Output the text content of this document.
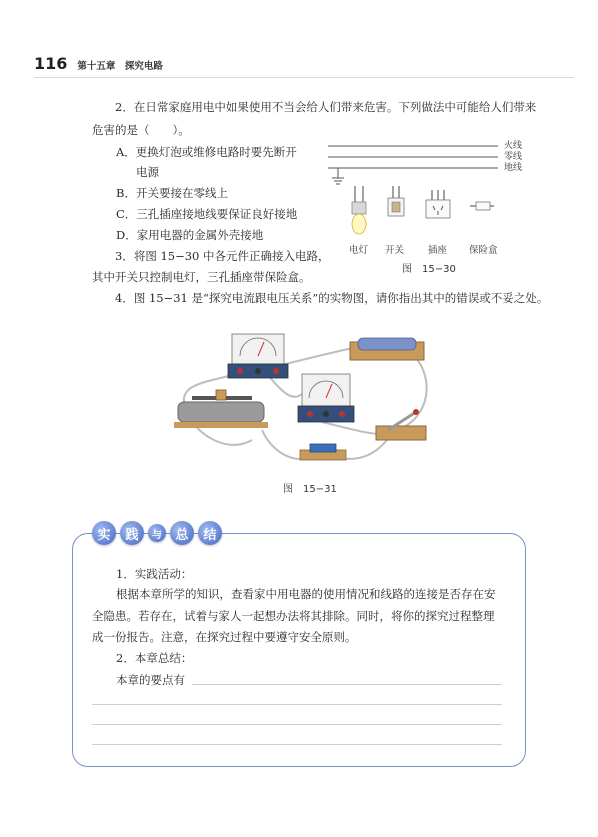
116 第十五章　探究电路
2．在日常家庭用电中如果使用不当会给人们带来危害。下列做法中可能给人们带来
危害的是（　　）。
A．更换灯泡或维修电路时要先断开
电源
B．开关要接在零线上
C．三孔插座接地线要保证良好接地
D．家用电器的金属外壳接地
3．将图 15−30 中各元件正确接入电路，
其中开关只控制电灯，三孔插座带保险盒。
4．图 15−31 是“探究电流跟电压关系”的实物图，请你指出其中的错误或不妥之处。
火线
零线
地线
电灯 开关	插座 保险盒
图　15−30
图　15−31
实	践	与	总	结
1．实践活动：
根据本章所学的知识，查看家中用电器的使用情况和线路的连接是否存在安
全隐患。若存在，试着与家人一起想办法将其排除。同时，将你的探究过程整理
成一份报告。注意，在探究过程中要遵守安全原则。
2．本章总结：
本章的要点有
